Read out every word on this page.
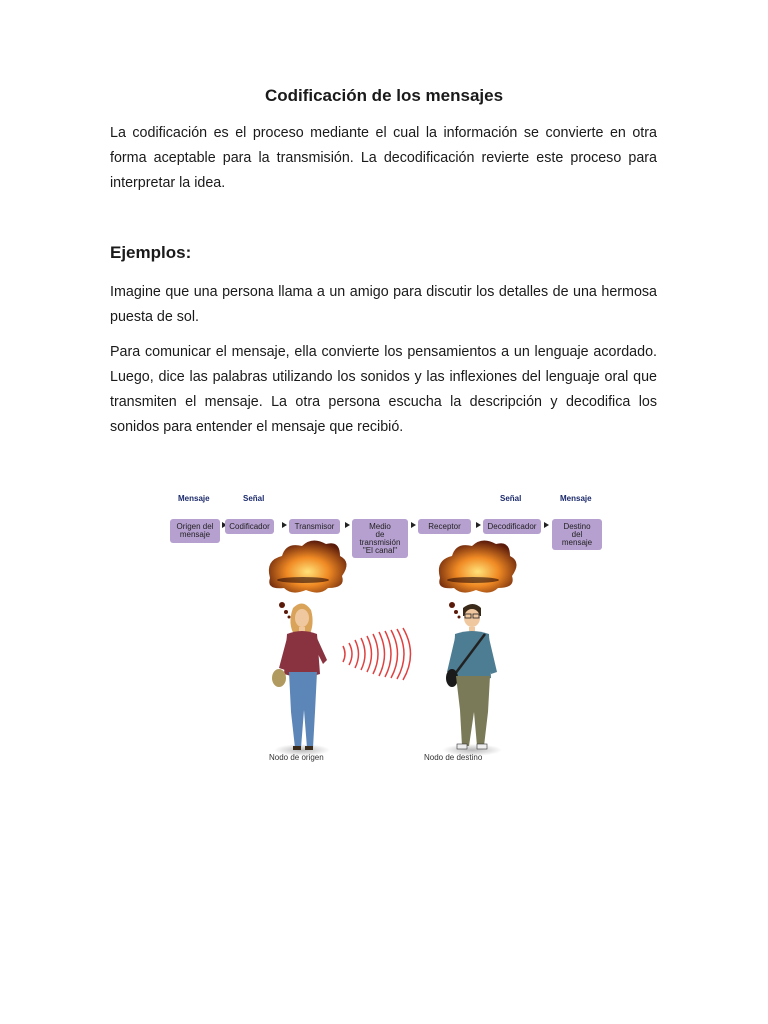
Codificación de los mensajes

La codificación es el proceso mediante el cual la información se convierte en otra forma aceptable para la transmisión. La decodificación revierte este proceso para interpretar la idea.

Ejemplos:

Imagine que una persona llama a un amigo para discutir los detalles de una hermosa puesta de sol.

Para comunicar el mensaje, ella convierte los pensamientos a un lenguaje acordado. Luego, dice las palabras utilizando los sonidos y las inflexiones del lenguaje oral que transmiten el mensaje. La otra persona escucha la descripción y decodifica los sonidos para entender el mensaje que recibió.

Mensaje	Señal	Señal	Mensaje
Origen del
mensaje
Codificador	Transmisor	Medio
de
transmisión
"El canal"
Receptor	Decodificador	Destino
del
mensaje
Nodo de origen	Nodo de destino
